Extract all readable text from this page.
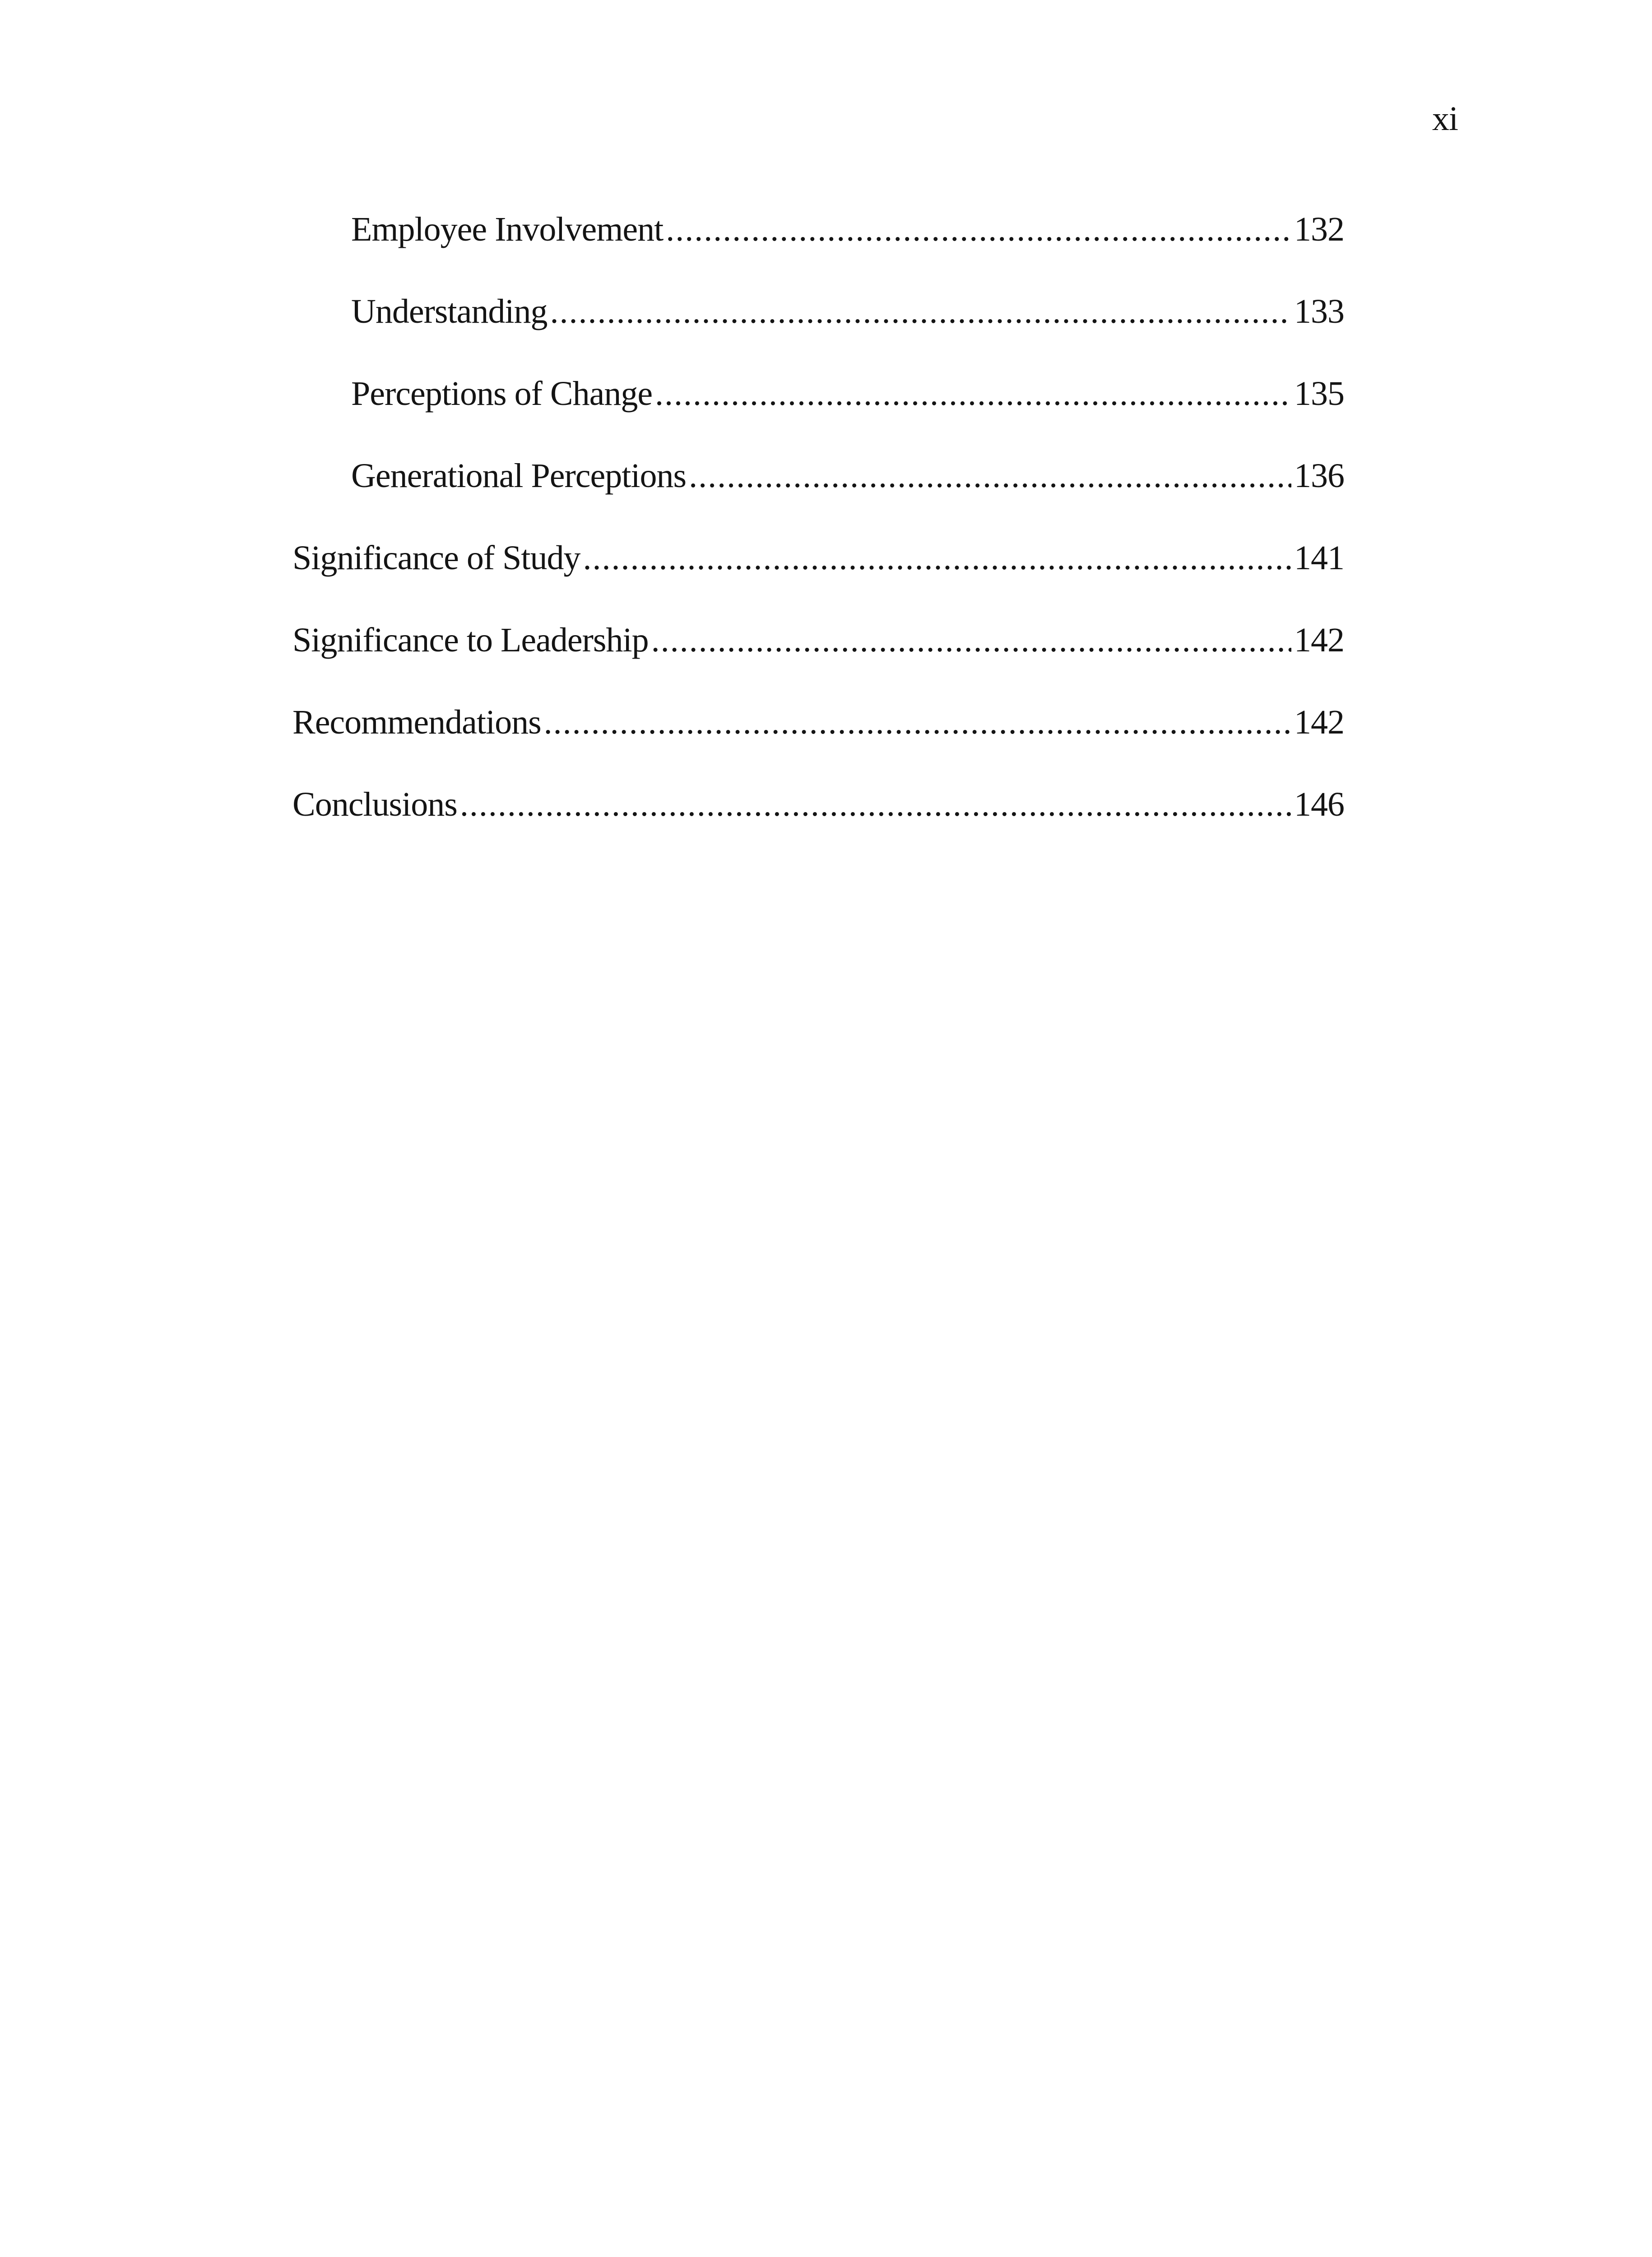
xi
Employee Involvement .....	132
Understanding .....	133
Perceptions of Change .....	135
Generational Perceptions .....	136
Significance of Study .....	141
Significance to Leadership .....	142
Recommendations .....	142
Conclusions .....	146
